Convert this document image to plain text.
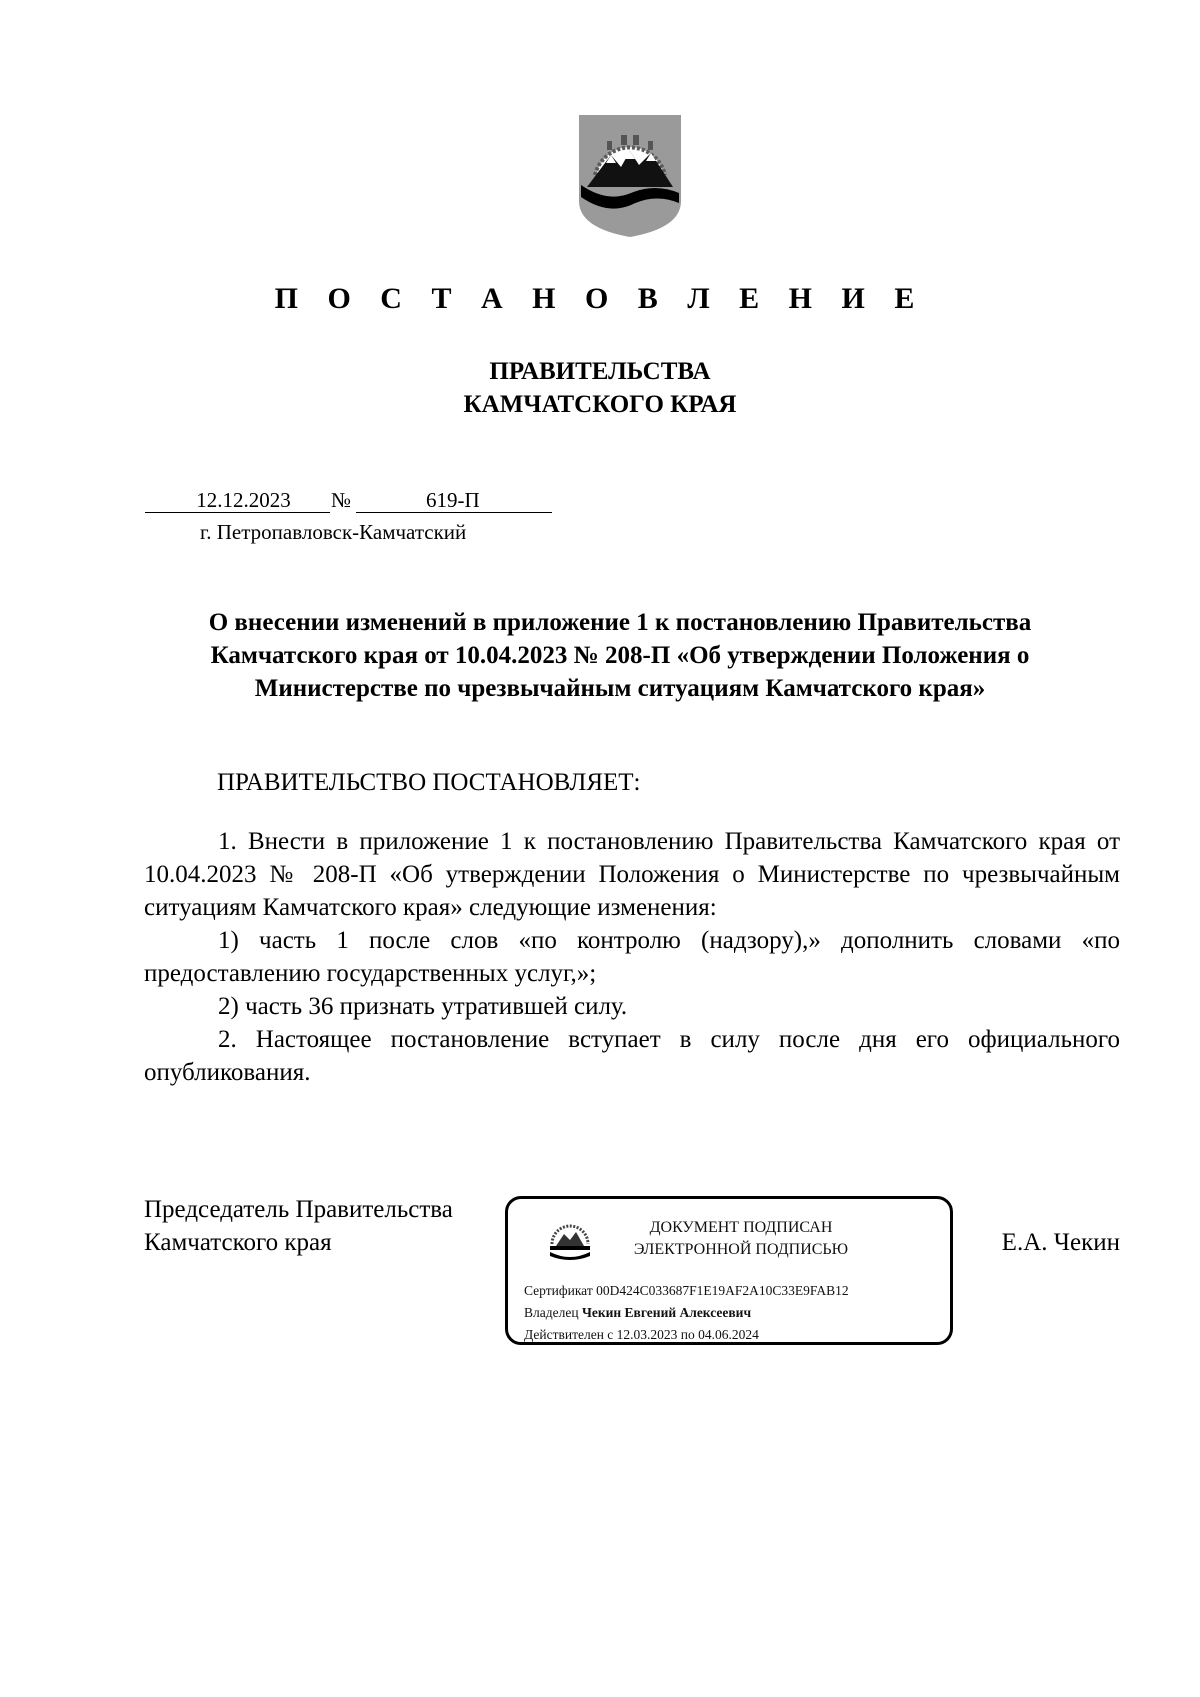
П О С Т А Н О В Л Е Н И Е
ПРАВИТЕЛЬСТВА
КАМЧАТСКОГО КРАЯ
12.12.2023	№	619-П
г. Петропавловск-Камчатский
О внесении изменений в приложение 1 к постановлению Правительства
Камчатского края от 10.04.2023 № 208-П «Об утверждении Положения о
Министерстве по чрезвычайным ситуациям Камчатского края»
ПРАВИТЕЛЬСТВО ПОСТАНОВЛЯЕТ:

1. Внести в приложение 1 к постановлению Правительства Камчатского края от 10.04.2023 № 208-П «Об утверждении Положения о Министерстве по чрезвычайным ситуациям Камчатского края» следующие изменения:

1) часть 1 после слов «по контролю (надзору),» дополнить словами «по предоставлению государственных услуг,»;

2) часть 36 признать утратившей силу.

2. Настоящее постановление вступает в силу после дня его официального опубликования.

Председатель Правительства
Камчатского края
ДОКУМЕНТ ПОДПИСАН
ЭЛЕКТРОННОЙ ПОДПИСЬЮ
Сертификат 00D424C033687F1E19AF2A10C33E9FAB12
Владелец Чекин Евгений Алексеевич
Действителен с 12.03.2023 по 04.06.2024
Е.А. Чекин
